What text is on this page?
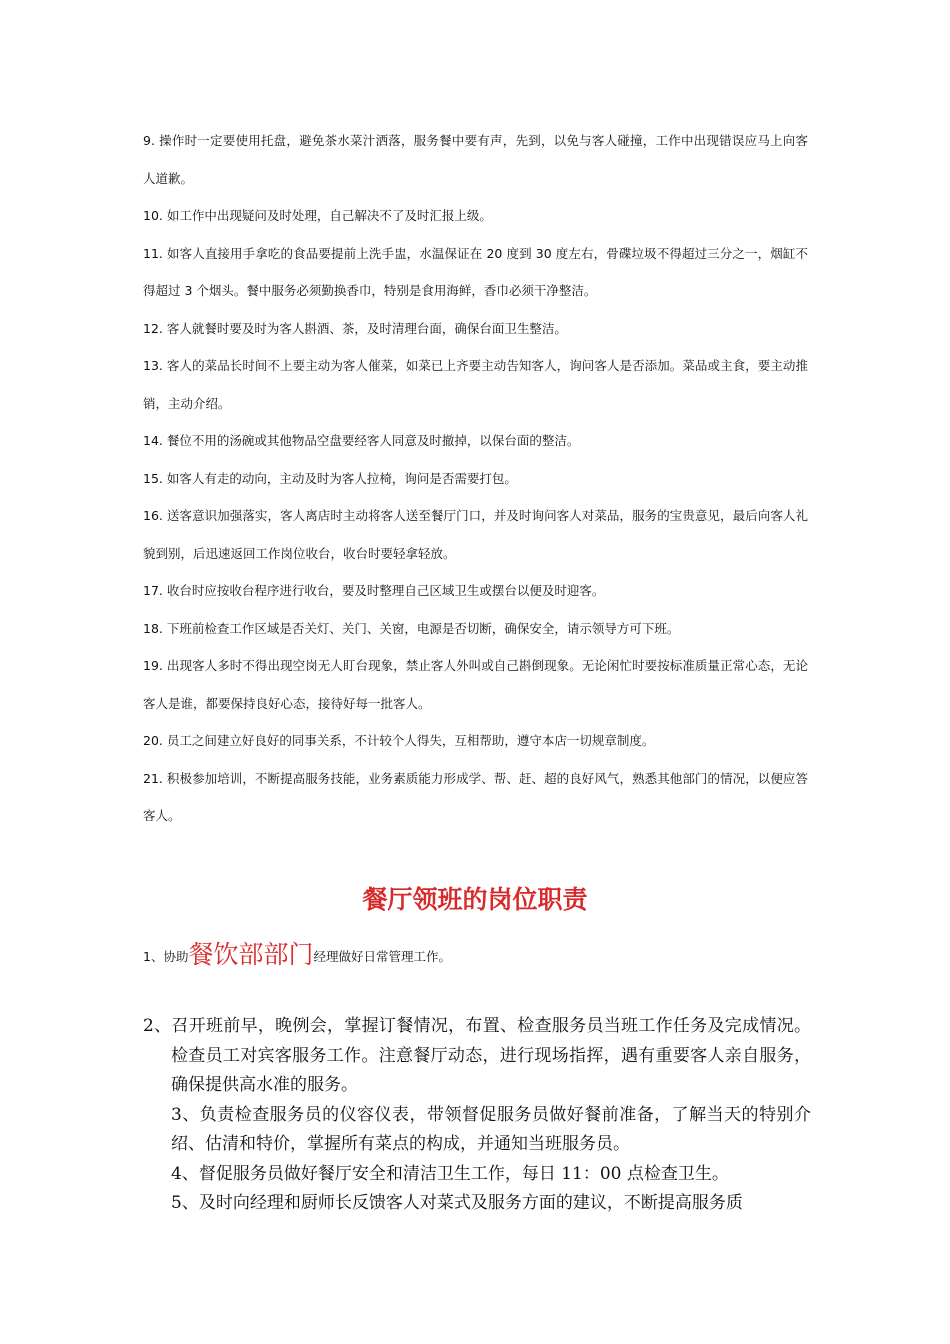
9. 操作时一定要使用托盘，避免茶水菜汁洒落，服务餐中要有声，先到，以免与客人碰撞，工作中出现错误应马上向客人道歉。

10. 如工作中出现疑问及时处理，自己解决不了及时汇报上级。

11. 如客人直接用手拿吃的食品要提前上洗手盅，水温保证在 20 度到 30 度左右，骨碟垃圾不得超过三分之一，烟缸不得超过 3 个烟头。餐中服务必须勤换香巾，特别是食用海鲜，香巾必须干净整洁。

12. 客人就餐时要及时为客人斟酒、茶，及时清理台面，确保台面卫生整洁。

13. 客人的菜品长时间不上要主动为客人催菜，如菜已上齐要主动告知客人，询问客人是否添加。菜品或主食，要主动推销，主动介绍。

14. 餐位不用的汤碗或其他物品空盘要经客人同意及时撤掉，以保台面的整洁。

15. 如客人有走的动向，主动及时为客人拉椅，询问是否需要打包。

16. 送客意识加强落实，客人离店时主动将客人送至餐厅门口，并及时询问客人对菜品，服务的宝贵意见，最后向客人礼貌到别，后迅速返回工作岗位收台，收台时要轻拿轻放。

17. 收台时应按收台程序进行收台，要及时整理自己区域卫生或摆台以便及时迎客。

18. 下班前检查工作区域是否关灯、关门、关窗，电源是否切断，确保安全，请示领导方可下班。

19. 出现客人多时不得出现空岗无人盯台现象，禁止客人外叫或自己斟倒现象。无论闲忙时要按标准质量正常心态，无论客人是谁，都要保持良好心态，接待好每一批客人。

20. 员工之间建立好良好的同事关系，不计较个人得失，互相帮助，遵守本店一切规章制度。

21. 积极参加培训，不断提高服务技能，业务素质能力形成学、帮、赶、超的良好风气，熟悉其他部门的情况，以便应答客人。

餐厅领班的岗位职责

1、协助餐饮部部门经理做好日常管理工作。

2、召开班前早，晚例会，掌握订餐情况，布置、检查服务员当班工作任务及完成情况。检查员工对宾客服务工作。注意餐厅动态，进行现场指挥，遇有重要客人亲自服务，确保提供高水准的服务。

3、负责检查服务员的仪容仪表，带领督促服务员做好餐前准备，了解当天的特别介绍、估清和特价，掌握所有菜点的构成，并通知当班服务员。

4、督促服务员做好餐厅安全和清洁卫生工作，每日 11：00 点检查卫生。

5、及时向经理和厨师长反馈客人对菜式及服务方面的建议，不断提高服务质
